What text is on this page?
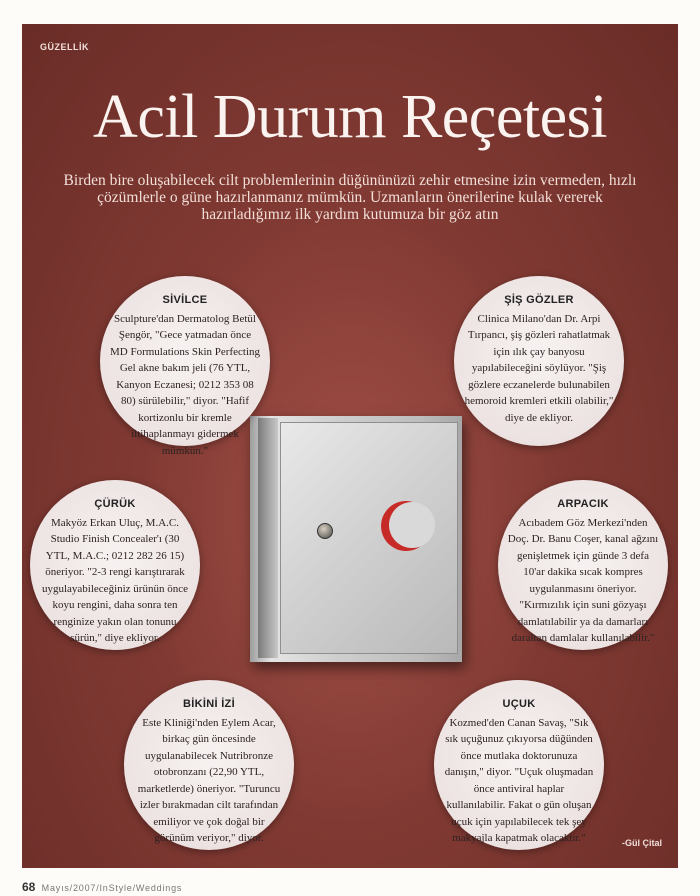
GÜZELLİK
Acil Durum Reçetesi
Birden bire oluşabilecek cilt problemlerinin düğününüzü zehir etmesine izin vermeden, hızlı çözümlerle o güne hazırlanmanız mümkün. Uzmanların önerilerine kulak vererek hazırladığımız ilk yardım kutumuza bir göz atın
SİVİLCE

Sculpture'dan Dermatolog Betül Şengör, "Gece yatmadan önce MD Formulations Skin Perfecting Gel akne bakım jeli (76 YTL, Kanyon Eczanesi; 0212 353 08 80) sürülebilir," diyor. "Hafif kortizonlu bir kremle iltihaplanmayı gidermek mümkün."

ŞİŞ GÖZLER

Clinica Milano'dan Dr. Arpi Tırpancı, şiş gözleri rahatlatmak için ılık çay banyosu yapılabileceğini söylüyor. "Şiş gözlere eczanelerde bulunabilen hemoroid kremleri etkili olabilir," diye de ekliyor.

ÇÜRÜK

Makyöz Erkan Uluç, M.A.C. Studio Finish Concealer'ı (30 YTL, M.A.C.; 0212 282 26 15) öneriyor. "2-3 rengi karıştırarak uygulayabileceğiniz ürünün önce koyu rengini, daha sonra ten renginize yakın olan tonunu sürün," diye ekliyor.

ARPACIK

Acıbadem Göz Merkezi'nden Doç. Dr. Banu Coşer, kanal ağzını genişletmek için günde 3 defa 10'ar dakika sıcak kompres uygulanmasını öneriyor. "Kırmızılık için suni gözyaşı damlatılabilir ya da damarları daraltan damlalar kullanılabilir."

BİKİNİ İZİ

Este Kliniği'nden Eylem Acar, birkaç gün öncesinde uygulanabilecek Nutribronze otobronzanı (22,90 YTL, marketlerde) öneriyor. "Turuncu izler bırakmadan cilt tarafından emiliyor ve çok doğal bir görünüm veriyor," diyor.

UÇUK

Kozmed'den Canan Savaş, "Sık sık uçuğunuz çıkıyorsa düğünden önce mutlaka doktorunuza danışın," diyor. "Uçuk oluşmadan önce antiviral haplar kullanılabilir. Fakat o gün oluşan uçuk için yapılabilecek tek şey makyajla kapatmak olacaktır."	-Gül Çital
68 Mayıs/2007/InStyle/Weddings
